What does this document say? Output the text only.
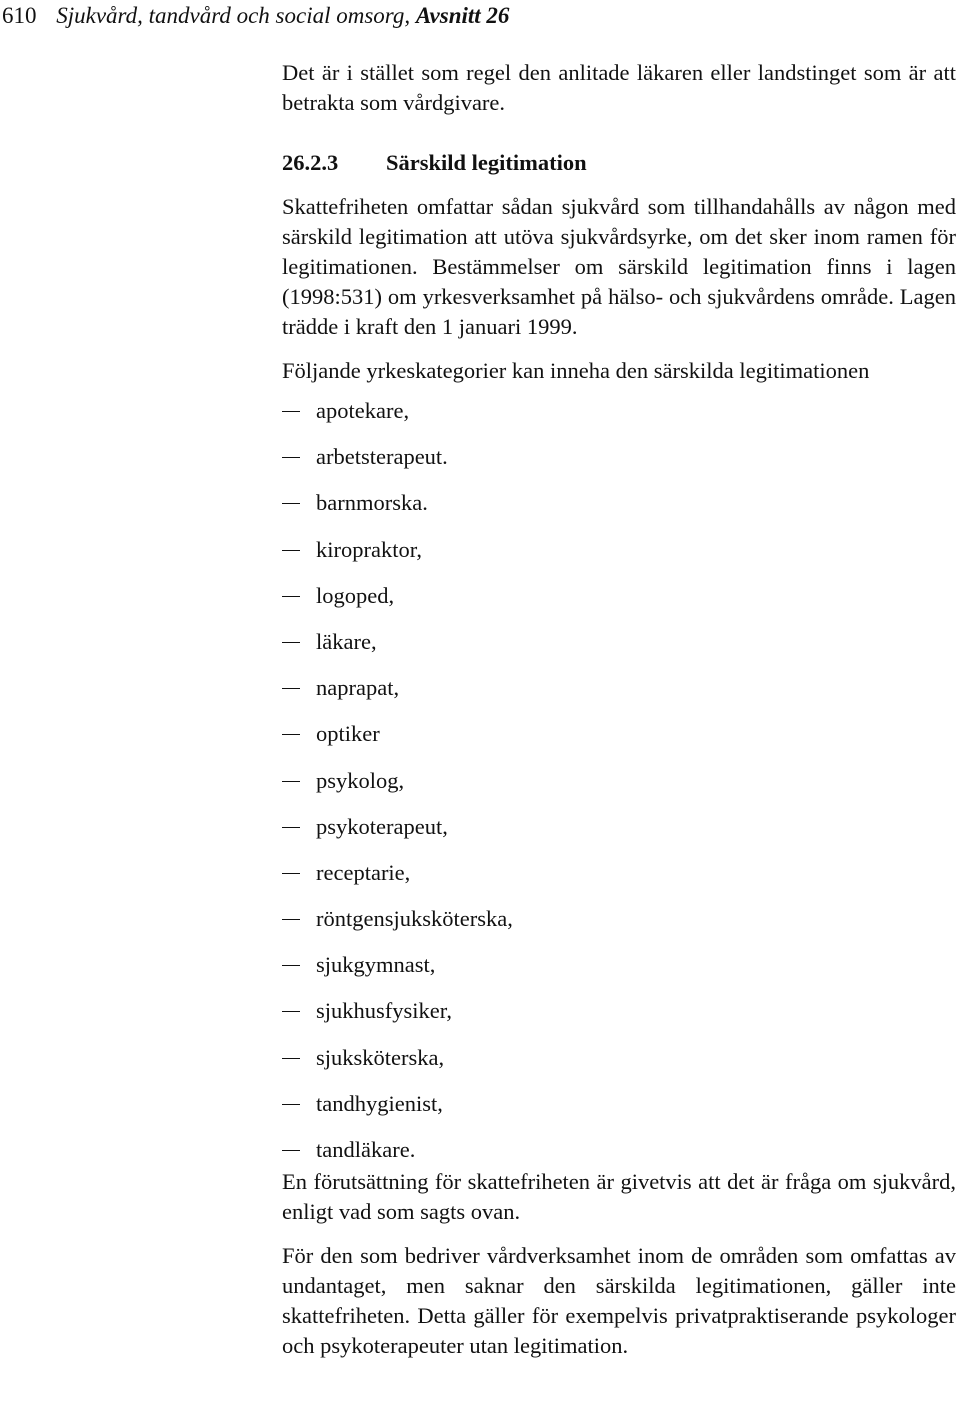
610 Sjukvård, tandvård och social omsorg, Avsnitt 26

Det är i stället som regel den anlitade läkaren eller landstinget som är att betrakta som vårdgivare.

26.2.3 Särskild legitimation

Skattefriheten omfattar sådan sjukvård som tillhandahålls av någon med särskild legitimation att utöva sjukvårdsyrke, om det sker inom ramen för legitimationen. Bestämmelser om särskild legitimation finns i lagen (1998:531) om yrkesverksamhet på hälso- och sjukvårdens område. Lagen trädde i kraft den 1 januari 1999.

Följande yrkeskategorier kan inneha den särskilda legitimationen

apotekare,
arbetsterapeut.
barnmorska.
kiropraktor,
logoped,
läkare,
naprapat,
optiker
psykolog,
psykoterapeut,
receptarie,
röntgensjuksköterska,
sjukgymnast,
sjukhusfysiker,
sjuksköterska,
tandhygienist,
tandläkare.

En förutsättning för skattefriheten är givetvis att det är fråga om sjukvård, enligt vad som sagts ovan.

För den som bedriver vårdverksamhet inom de områden som omfattas av undantaget, men saknar den särskilda legitimationen, gäller inte skattefriheten. Detta gäller för exempelvis privatpraktiserande psykologer och psykoterapeuter utan legitimation.
